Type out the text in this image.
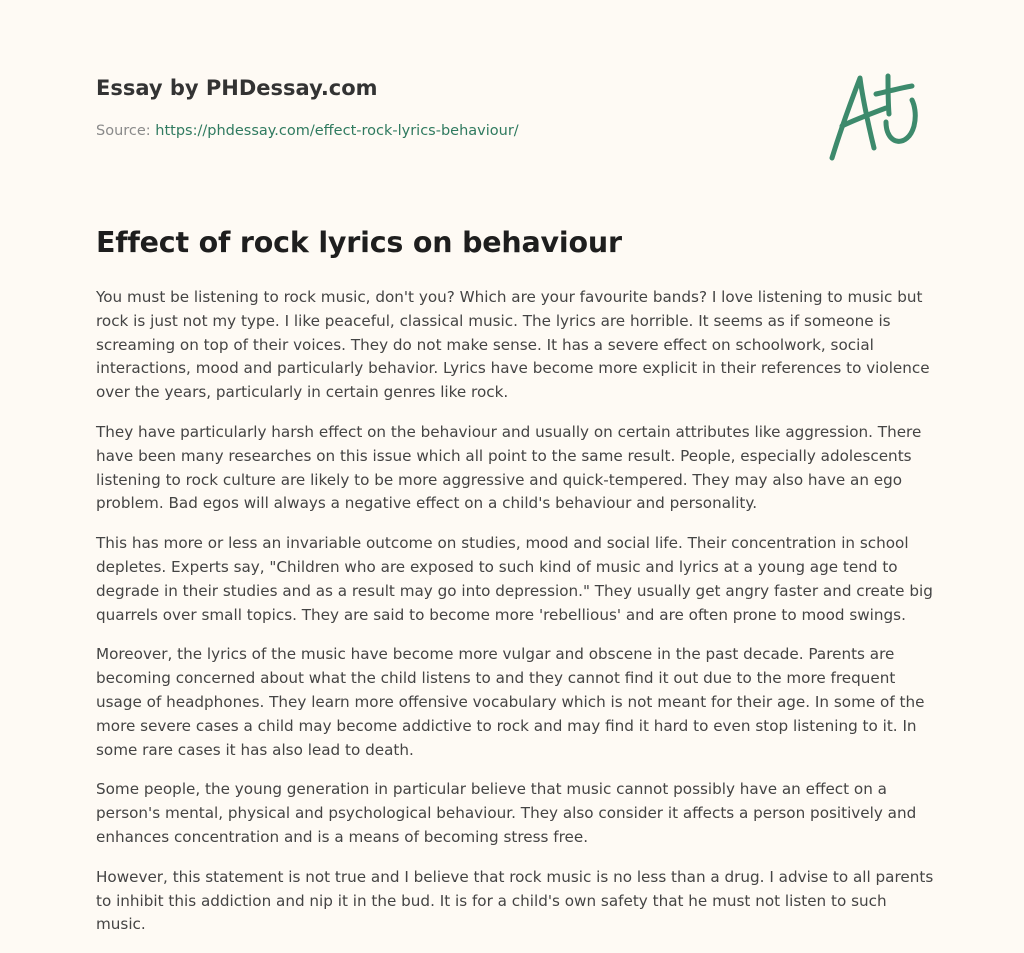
Essay by PHDessay.com

Source: https://phdessay.com/effect-rock-lyrics-behaviour/

Effect of rock lyrics on behaviour

You must be listening to rock music, don't you? Which are your favourite bands? I love listening to music but rock is just not my type. I like peaceful, classical music. The lyrics are horrible. It seems as if someone is screaming on top of their voices. They do not make sense. It has a severe effect on schoolwork, social interactions, mood and particularly behavior. Lyrics have become more explicit in their references to violence over the years, particularly in certain genres like rock.

They have particularly harsh effect on the behaviour and usually on certain attributes like aggression. There have been many researches on this issue which all point to the same result. People, especially adolescents listening to rock culture are likely to be more aggressive and quick-tempered. They may also have an ego problem. Bad egos will always a negative effect on a child's behaviour and personality.

This has more or less an invariable outcome on studies, mood and social life. Their concentration in school depletes. Experts say, "Children who are exposed to such kind of music and lyrics at a young age tend to degrade in their studies and as a result may go into depression." They usually get angry faster and create big quarrels over small topics. They are said to become more 'rebellious' and are often prone to mood swings.

Moreover, the lyrics of the music have become more vulgar and obscene in the past decade. Parents are becoming concerned about what the child listens to and they cannot find it out due to the more frequent usage of headphones. They learn more offensive vocabulary which is not meant for their age. In some of the more severe cases a child may become addictive to rock and may find it hard to even stop listening to it. In some rare cases it has also lead to death.

Some people, the young generation in particular believe that music cannot possibly have an effect on a person's mental, physical and psychological behaviour. They also consider it affects a person positively and enhances concentration and is a means of becoming stress free.

However, this statement is not true and I believe that rock music is no less than a drug. I advise to all parents to inhibit this addiction and nip it in the bud. It is for a child's own safety that he must not listen to such music.
